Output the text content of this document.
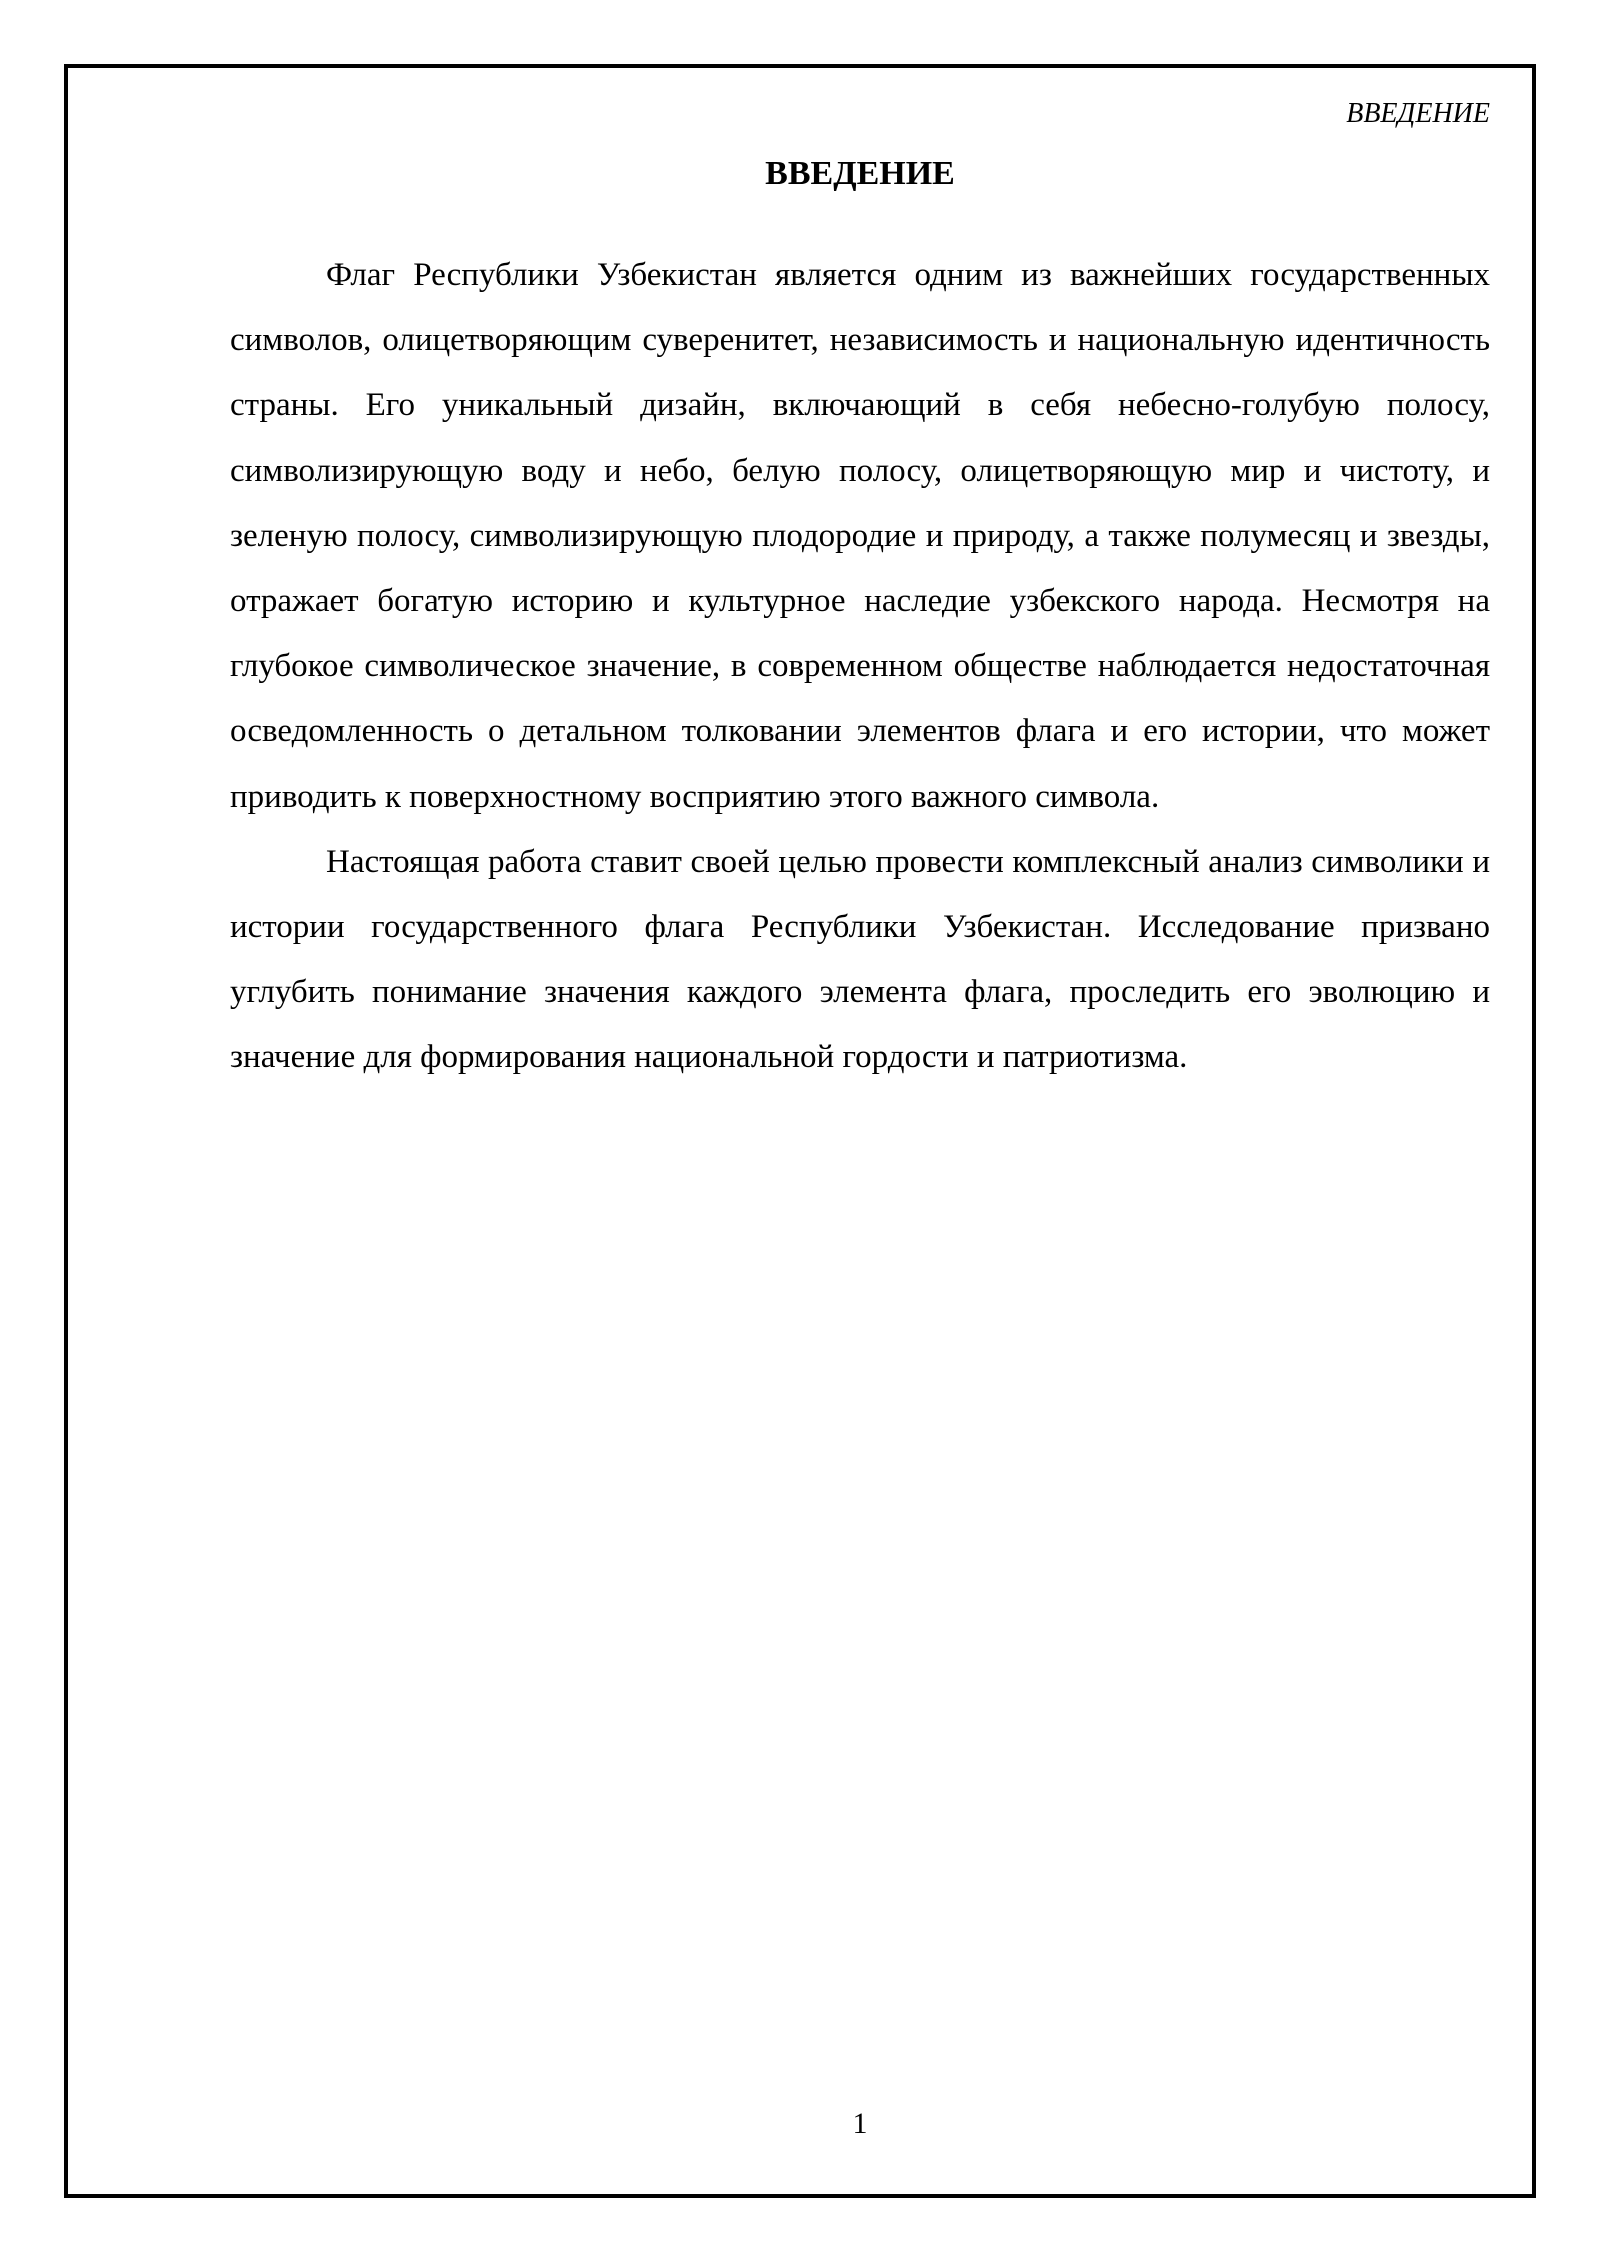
ВВЕДЕНИЕ
ВВЕДЕНИЕ

Флаг Республики Узбекистан является одним из важнейших государственных символов, олицетворяющим суверенитет, независимость и национальную идентичность страны. Его уникальный дизайн, включающий в себя небесно-голубую полосу, символизирующую воду и небо, белую полосу, олицетворяющую мир и чистоту, и зеленую полосу, символизирующую плодородие и природу, а также полумесяц и звезды, отражает богатую историю и культурное наследие узбекского народа. Несмотря на глубокое символическое значение, в современном обществе наблюдается недостаточная осведомленность о детальном толковании элементов флага и его истории, что может приводить к поверхностному восприятию этого важного символа.

Настоящая работа ставит своей целью провести комплексный анализ символики и истории государственного флага Республики Узбекистан. Исследование призвано углубить понимание значения каждого элемента флага, проследить его эволюцию и значение для формирования национальной гордости и патриотизма.

1
